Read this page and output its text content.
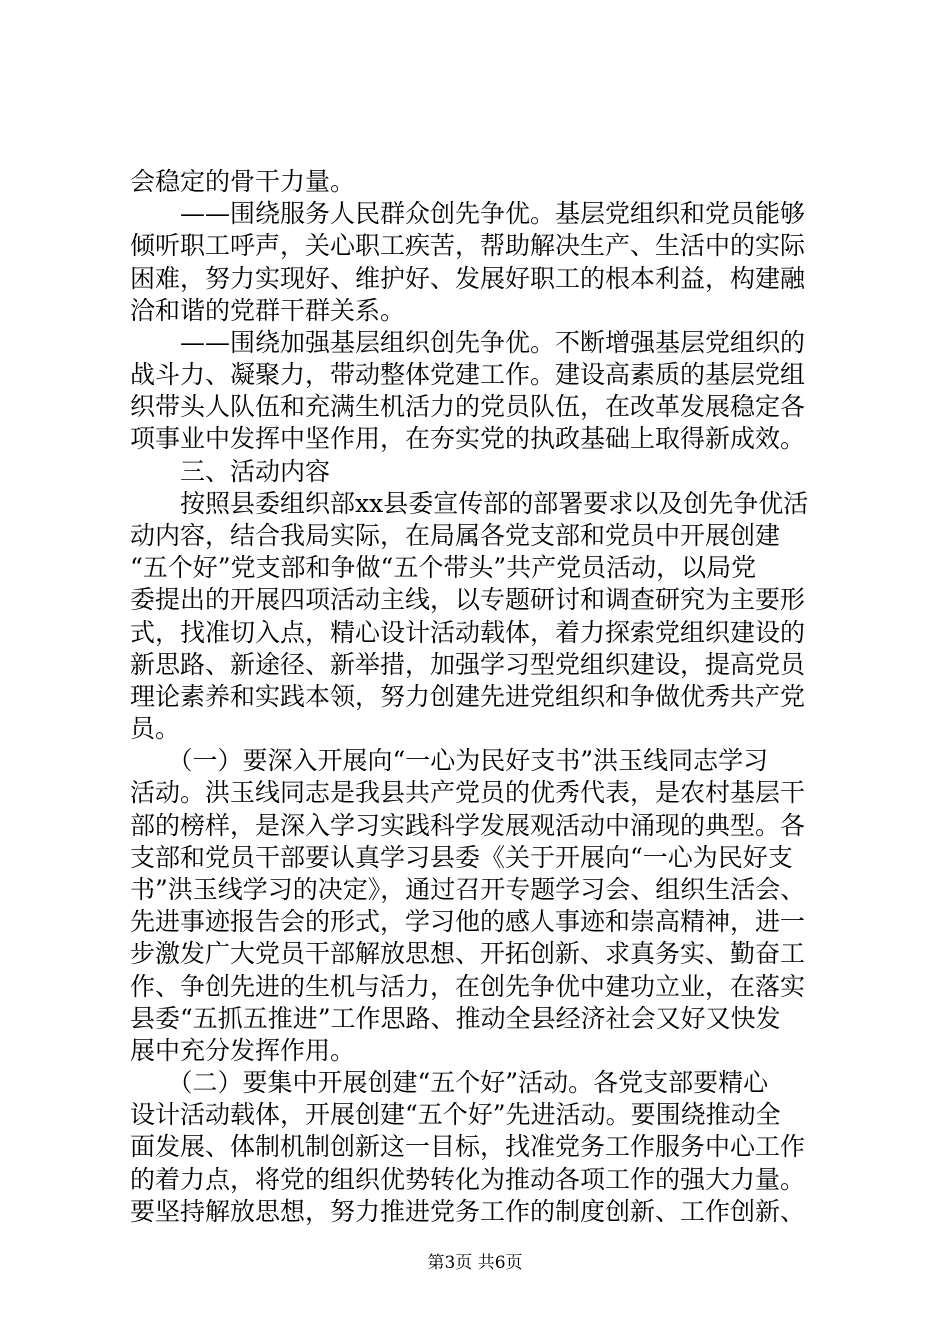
会稳定的骨干力量。
　　——围绕服务人民群众创先争优。基层党组织和党员能够
倾听职工呼声，关心职工疾苦，帮助解决生产、生活中的实际
困难，努力实现好、维护好、发展好职工的根本利益，构建融
洽和谐的党群干群关系。
　　——围绕加强基层组织创先争优。不断增强基层党组织的
战斗力、凝聚力，带动整体党建工作。建设高素质的基层党组
织带头人队伍和充满生机活力的党员队伍，在改革发展稳定各
项事业中发挥中坚作用，在夯实党的执政基础上取得新成效。
　　三、活动内容
　　按照县委组织部xx县委宣传部的部署要求以及创先争优活
动内容，结合我局实际，在局属各党支部和党员中开展创建
“五个好”党支部和争做“五个带头”共产党员活动，以局党
委提出的开展四项活动主线，以专题研讨和调查研究为主要形
式，找准切入点，精心设计活动载体，着力探索党组织建设的
新思路、新途径、新举措，加强学习型党组织建设，提高党员
理论素养和实践本领，努力创建先进党组织和争做优秀共产党
员。
　　（一）要深入开展向“一心为民好支书”洪玉线同志学习
活动。洪玉线同志是我县共产党员的优秀代表，是农村基层干
部的榜样，是深入学习实践科学发展观活动中涌现的典型。各
支部和党员干部要认真学习县委《关于开展向“一心为民好支
书”洪玉线学习的决定》，通过召开专题学习会、组织生活会、
先进事迹报告会的形式，学习他的感人事迹和崇高精神，进一
步激发广大党员干部解放思想、开拓创新、求真务实、勤奋工
作、争创先进的生机与活力，在创先争优中建功立业，在落实
县委“五抓五推进”工作思路、推动全县经济社会又好又快发
展中充分发挥作用。
　　（二）要集中开展创建“五个好”活动。各党支部要精心
设计活动载体，开展创建“五个好”先进活动。要围绕推动全
面发展、体制机制创新这一目标，找准党务工作服务中心工作
的着力点，将党的组织优势转化为推动各项工作的强大力量。
要坚持解放思想，努力推进党务工作的制度创新、工作创新、
第3页 共6页
